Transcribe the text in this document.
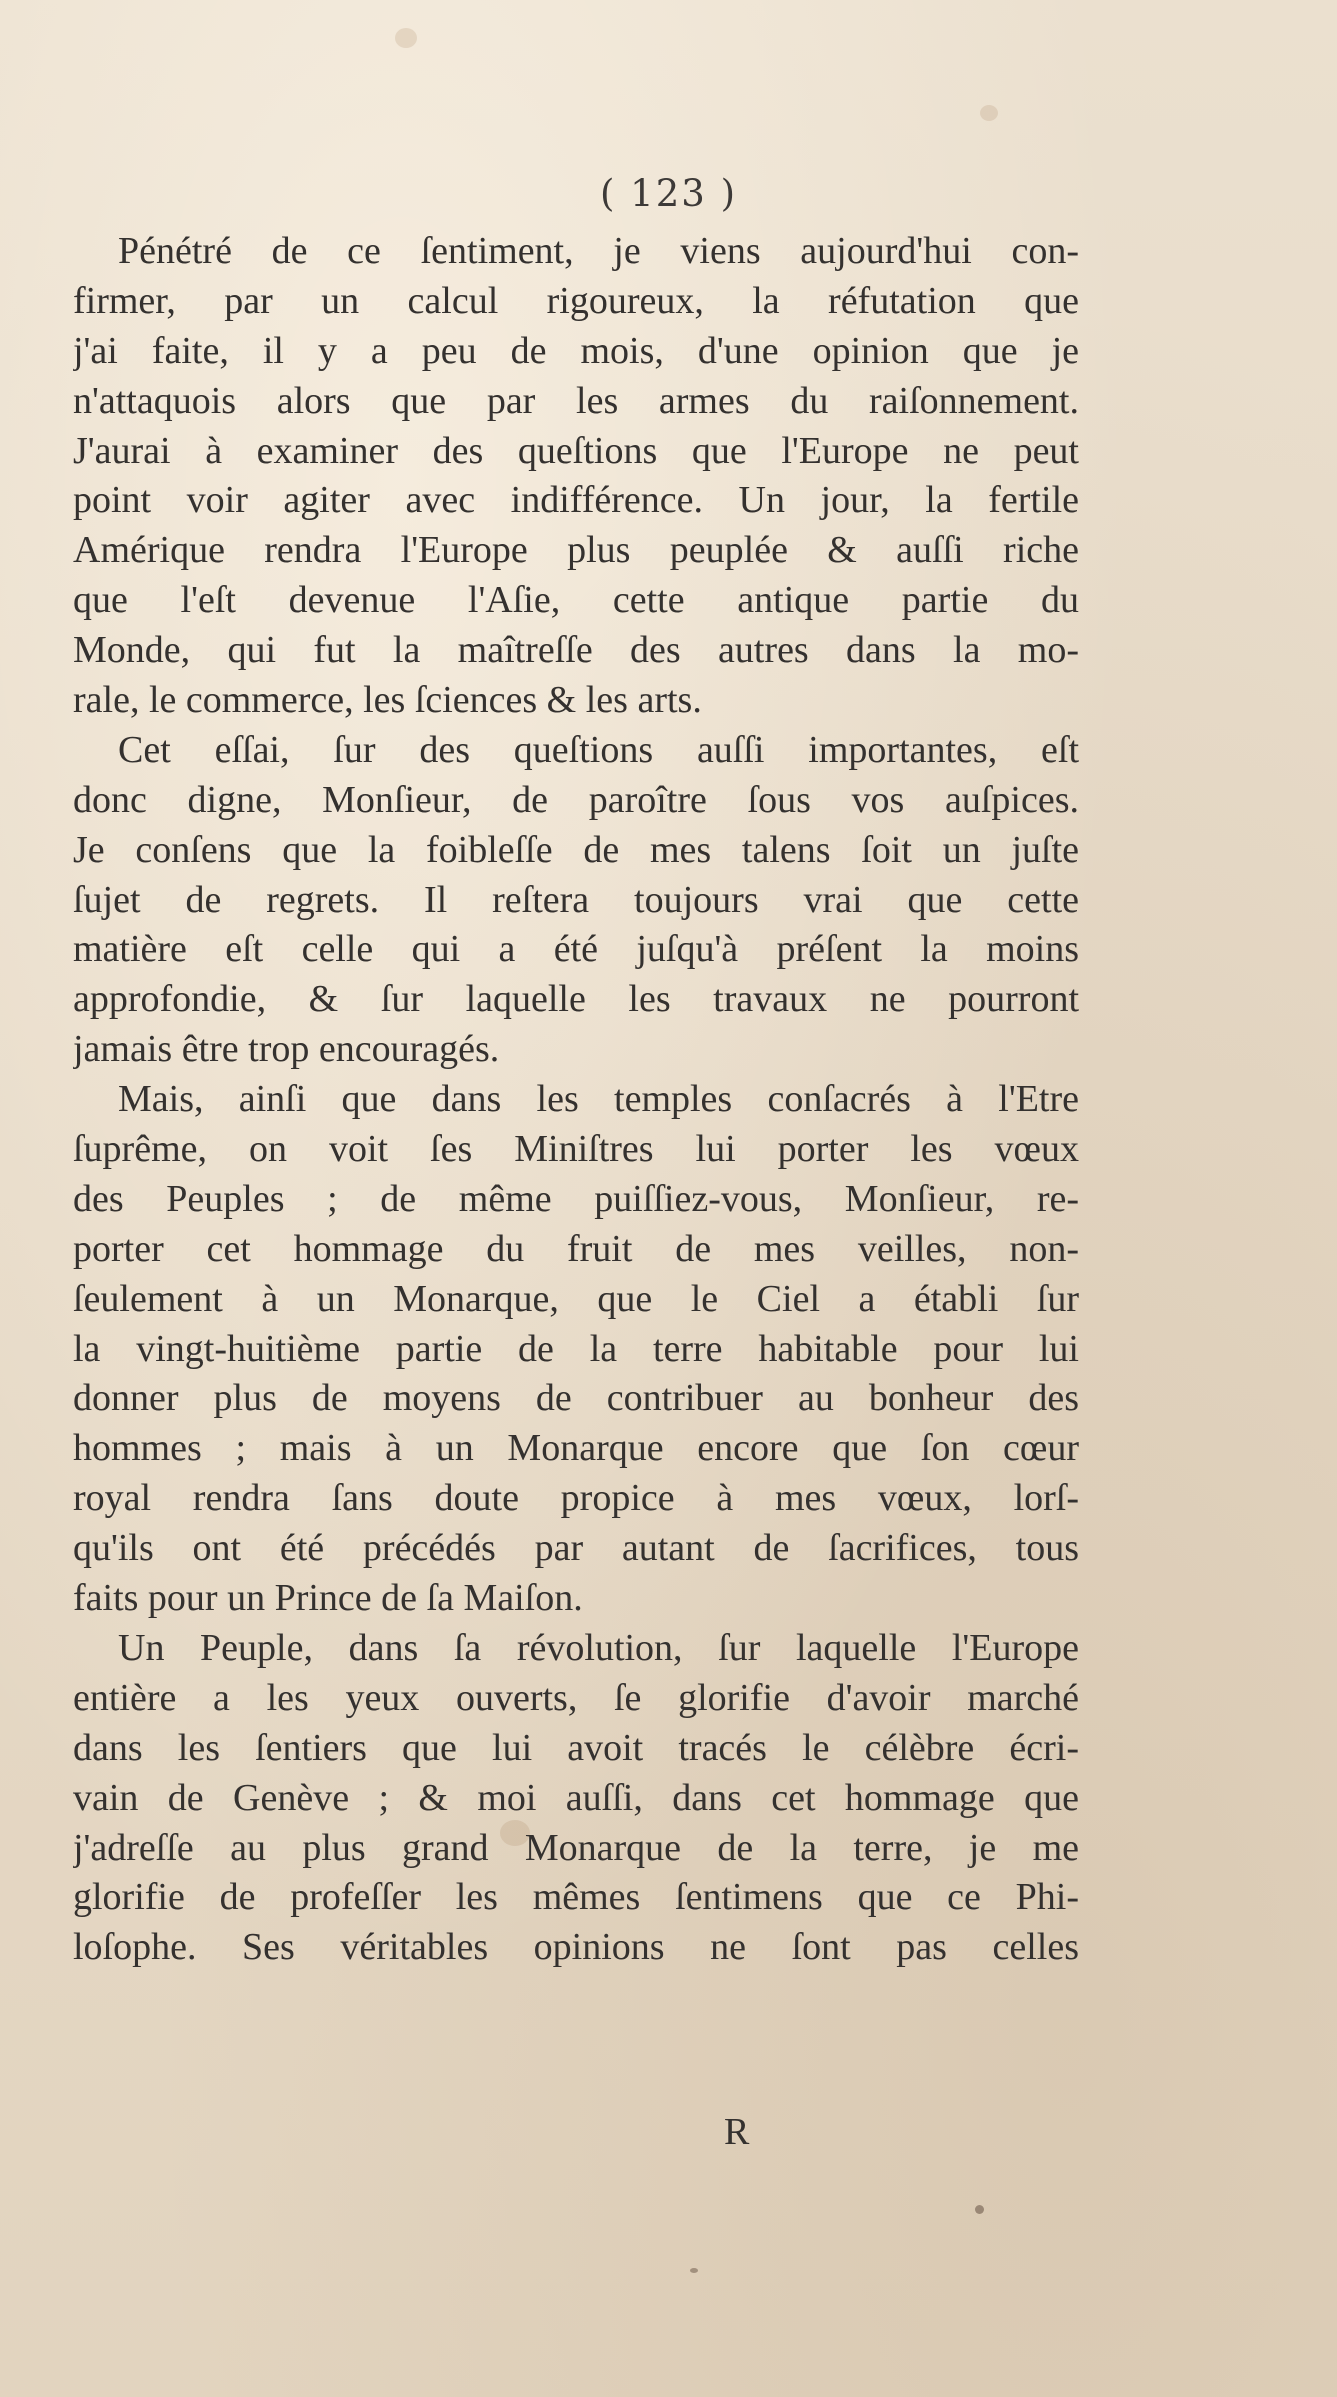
( 123 )
Pénétré de ce ſentiment, je viens aujourd'hui con-
firmer, par un calcul rigoureux, la réfutation que
j'ai faite, il y a peu de mois, d'une opinion que je
n'attaquois alors que par les armes du raiſonnement.
J'aurai à examiner des queſtions que l'Europe ne peut
point voir agiter avec indifférence. Un jour, la fertile
Amérique rendra l'Europe plus peuplée & auſſi riche
que l'eſt devenue l'Aſie, cette antique partie du
Monde, qui fut la maîtreſſe des autres dans la mo-
rale, le commerce, les ſciences & les arts.
Cet eſſai, ſur des queſtions auſſi importantes, eſt
donc digne, Monſieur, de paroître ſous vos auſpices.
Je conſens que la foibleſſe de mes talens ſoit un juſte
ſujet de regrets. Il reſtera toujours vrai que cette
matière eſt celle qui a été juſqu'à préſent la moins
approfondie, & ſur laquelle les travaux ne pourront
jamais être trop encouragés.
Mais, ainſi que dans les temples conſacrés à l'Etre
ſuprême, on voit ſes Miniſtres lui porter les vœux
des Peuples ; de même puiſſiez-vous, Monſieur, re-
porter cet hommage du fruit de mes veilles, non-
ſeulement à un Monarque, que le Ciel a établi ſur
la vingt-huitième partie de la terre habitable pour lui
donner plus de moyens de contribuer au bonheur des
hommes ; mais à un Monarque encore que ſon cœur
royal rendra ſans doute propice à mes vœux, lorſ-
qu'ils ont été précédés par autant de ſacrifices, tous
faits pour un Prince de ſa Maiſon.
Un Peuple, dans ſa révolution, ſur laquelle l'Europe
entière a les yeux ouverts, ſe glorifie d'avoir marché
dans les ſentiers que lui avoit tracés le célèbre écri-
vain de Genève ; & moi auſſi, dans cet hommage que
j'adreſſe au plus grand Monarque de la terre, je me
glorifie de profeſſer les mêmes ſentimens que ce Phi-
loſophe. Ses véritables opinions ne ſont pas celles
R
